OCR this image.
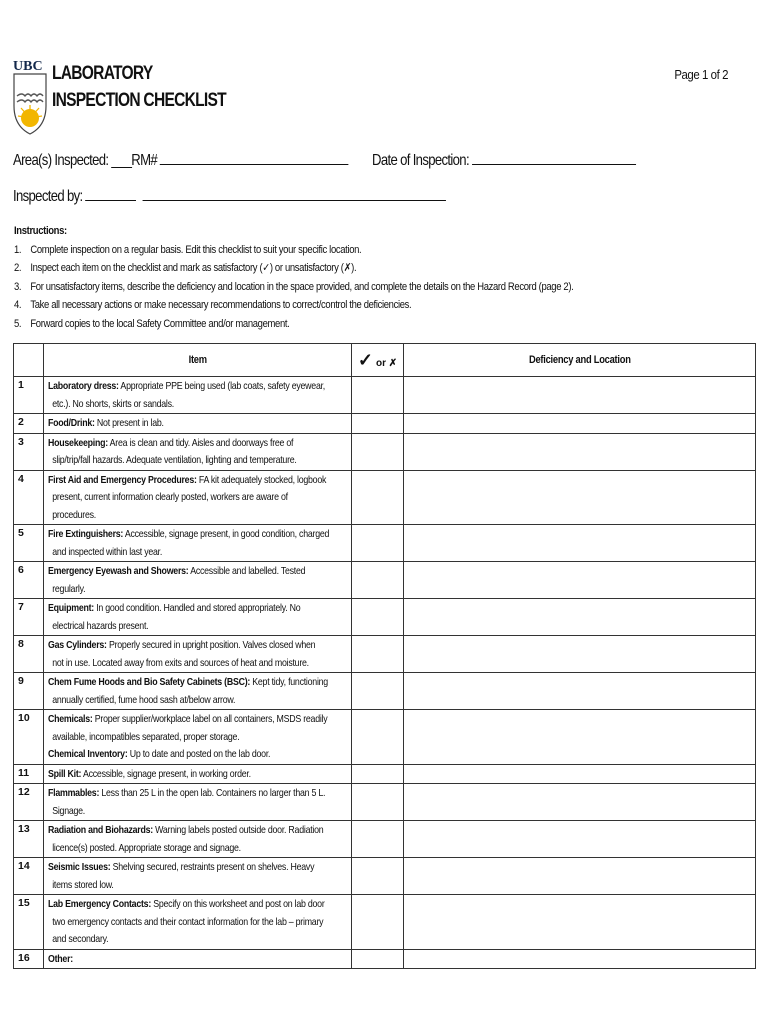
UBC LABORATORY
INSPECTION CHECKLIST
Page 1 of 2
Area(s) Inspected: ___RM#	Date of Inspection:
Inspected by:
Instructions:
1. Complete inspection on a regular basis. Edit this checklist to suit your specific location.
2. Inspect each item on the checklist and mark as satisfactory (✓) or unsatisfactory (✗).
3. For unsatisfactory items, describe the deficiency and location in the space provided, and complete the details on the Hazard Record (page 2).
4. Take all necessary actions or make necessary recommendations to correct/control the deficiencies.
5. Forward copies to the local Safety Committee and/or management.
	Item	✓ or ✗	Deficiency and Location
1	Laboratory dress: Appropriate PPE being used (lab coats, safety eyewear,
etc.). No shorts, skirts or sandals.		

2	Food/Drink: Not present in lab.		

3	Housekeeping: Area is clean and tidy. Aisles and doorways free of
slip/trip/fall hazards. Adequate ventilation, lighting and temperature.		

4	First Aid and Emergency Procedures: FA kit adequately stocked, logbook
present, current information clearly posted, workers are aware of
procedures.		

5	Fire Extinguishers: Accessible, signage present, in good condition, charged
and inspected within last year.		

6	Emergency Eyewash and Showers: Accessible and labelled. Tested
regularly.		

7	Equipment: In good condition. Handled and stored appropriately. No
electrical hazards present.		

8	Gas Cylinders: Properly secured in upright position. Valves closed when
not in use. Located away from exits and sources of heat and moisture.		

9	Chem Fume Hoods and Bio Safety Cabinets (BSC): Kept tidy, functioning
annually certified, fume hood sash at/below arrow.		

10	Chemicals: Proper supplier/workplace label on all containers, MSDS readily
available, incompatibles separated, proper storage.
Chemical Inventory: Up to date and posted on the lab door.		

11	Spill Kit: Accessible, signage present, in working order.		

12	Flammables: Less than 25 L in the open lab. Containers no larger than 5 L.
Signage.		

13	Radiation and Biohazards: Warning labels posted outside door. Radiation
licence(s) posted. Appropriate storage and signage.		

14	Seismic Issues: Shelving secured, restraints present on shelves. Heavy
items stored low.		

15	Lab Emergency Contacts: Specify on this worksheet and post on lab door
two emergency contacts and their contact information for the lab – primary
and secondary.		

16	Other:		
